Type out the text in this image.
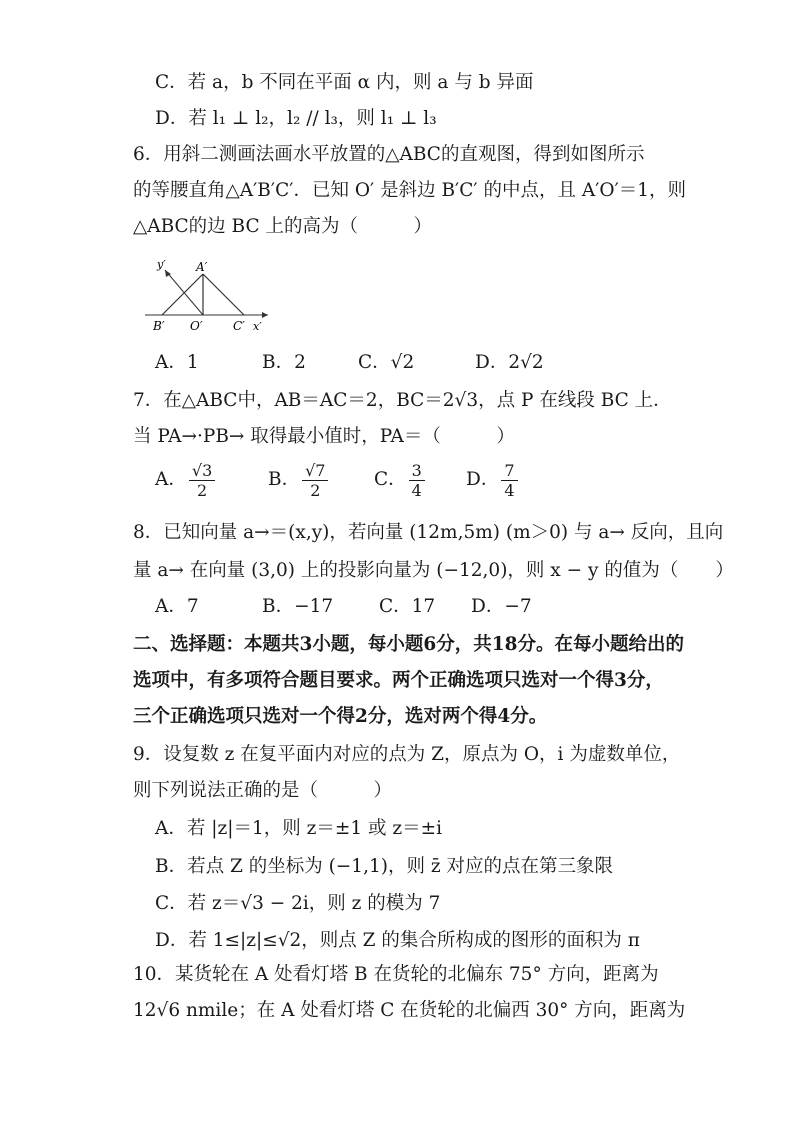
C．若 a，b 不同在平面 α 内，则 a 与 b 异面
D．若 l₁ ⊥ l₂，l₂ // l₃，则 l₁ ⊥ l₃
6．用斜二测画法画水平放置的△ABC的直观图，得到如图所示
的等腰直角△A′B′C′．已知 O′ 是斜边 B′C′ 的中点，且 A′O′＝1，则
△ABC的边 BC 上的高为（　　　）
y′	A′
B′ O′	C′ x′
A．1	B．2	C．√2	D．2√2
7．在△ABC中，AB＝AC＝2，BC＝2√3，点 P 在线段 BC 上．
当 PA→·PB→ 取得最小值时，PA＝（　　　）
A． $\frac{√3}{2}$	B． $\frac{√7}{2}$ C． $\frac{3}{4}$ D． $\frac{7}{4}$
8．已知向量 a→＝(x,y)，若向量 (12m,5m) (m＞0) 与 a→ 反向，且向
量 a→ 在向量 (3,0) 上的投影向量为 (−12,0)，则 x − y 的值为（　　）
A．7	B．−17 C．17 D．−7
二、选择题：本题共3小题，每小题6分，共18分。在每小题给出的
选项中，有多项符合题目要求。两个正确选项只选对一个得3分，
三个正确选项只选对一个得2分，选对两个得4分。
9．设复数 z 在复平面内对应的点为 Z，原点为 O，i 为虚数单位，
则下列说法正确的是（　　　）
A．若 |z|＝1，则 z＝±1 或 z＝±i
B．若点 Z 的坐标为 (−1,1)，则 z̄ 对应的点在第三象限
C．若 z＝√3 − 2i，则 z 的模为 7
D．若 1≤|z|≤√2，则点 Z 的集合所构成的图形的面积为 π
10．某货轮在 A 处看灯塔 B 在货轮的北偏东 75° 方向，距离为
12√6 nmile；在 A 处看灯塔 C 在货轮的北偏西 30° 方向，距离为
